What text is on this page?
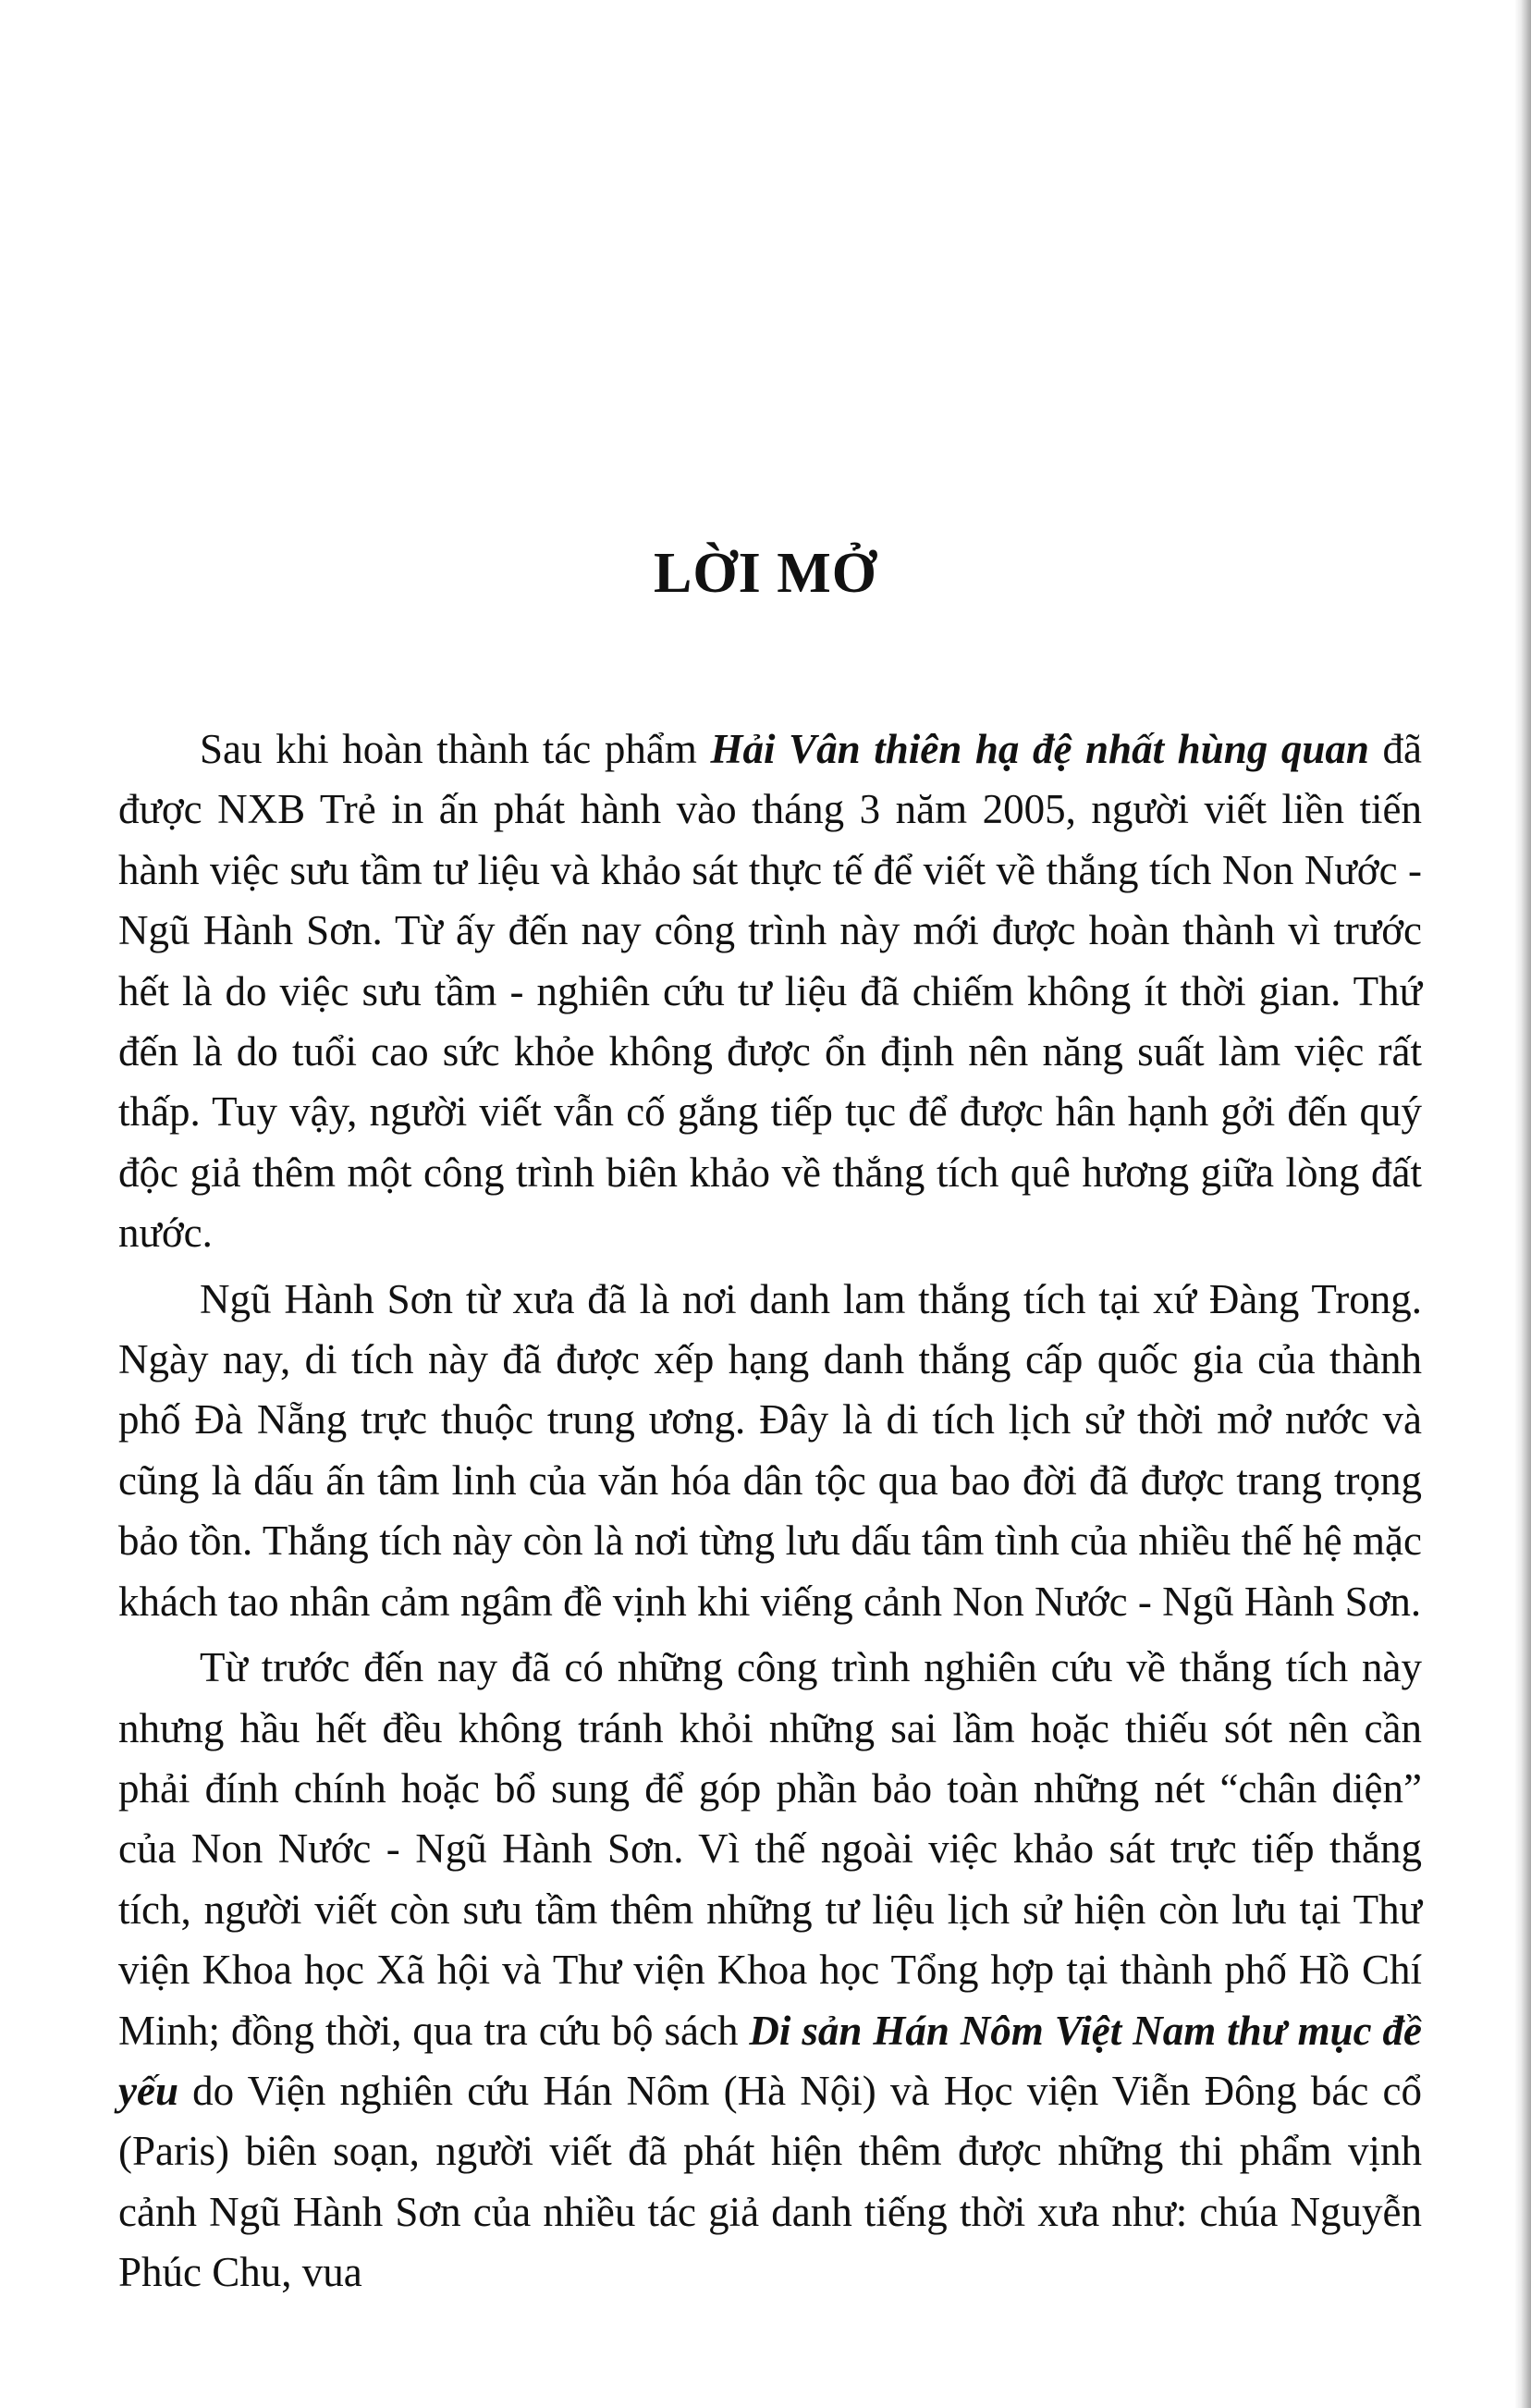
LỜI MỞ

Sau khi hoàn thành tác phẩm Hải Vân thiên hạ đệ nhất hùng quan đã được NXB Trẻ in ấn phát hành vào tháng 3 năm 2005, người viết liền tiến hành việc sưu tầm tư liệu và khảo sát thực tế để viết về thắng tích Non Nước - Ngũ Hành Sơn. Từ ấy đến nay công trình này mới được hoàn thành vì trước hết là do việc sưu tầm - nghiên cứu tư liệu đã chiếm không ít thời gian. Thứ đến là do tuổi cao sức khỏe không được ổn định nên năng suất làm việc rất thấp. Tuy vậy, người viết vẫn cố gắng tiếp tục để được hân hạnh gởi đến quý độc giả thêm một công trình biên khảo về thắng tích quê hương giữa lòng đất nước.

Ngũ Hành Sơn từ xưa đã là nơi danh lam thắng tích tại xứ Đàng Trong. Ngày nay, di tích này đã được xếp hạng danh thắng cấp quốc gia của thành phố Đà Nẵng trực thuộc trung ương. Đây là di tích lịch sử thời mở nước và cũng là dấu ấn tâm linh của văn hóa dân tộc qua bao đời đã được trang trọng bảo tồn. Thắng tích này còn là nơi từng lưu dấu tâm tình của nhiều thế hệ mặc khách tao nhân cảm ngâm đề vịnh khi viếng cảnh Non Nước - Ngũ Hành Sơn.

Từ trước đến nay đã có những công trình nghiên cứu về thắng tích này nhưng hầu hết đều không tránh khỏi những sai lầm hoặc thiếu sót nên cần phải đính chính hoặc bổ sung để góp phần bảo toàn những nét “chân diện” của Non Nước - Ngũ Hành Sơn. Vì thế ngoài việc khảo sát trực tiếp thắng tích, người viết còn sưu tầm thêm những tư liệu lịch sử hiện còn lưu tại Thư viện Khoa học Xã hội và Thư viện Khoa học Tổng hợp tại thành phố Hồ Chí Minh; đồng thời, qua tra cứu bộ sách Di sản Hán Nôm Việt Nam thư mục đề yếu do Viện nghiên cứu Hán Nôm (Hà Nội) và Học viện Viễn Đông bác cổ (Paris) biên soạn, người viết đã phát hiện thêm được những thi phẩm vịnh cảnh Ngũ Hành Sơn của nhiều tác giả danh tiếng thời xưa như: chúa Nguyễn Phúc Chu, vua
